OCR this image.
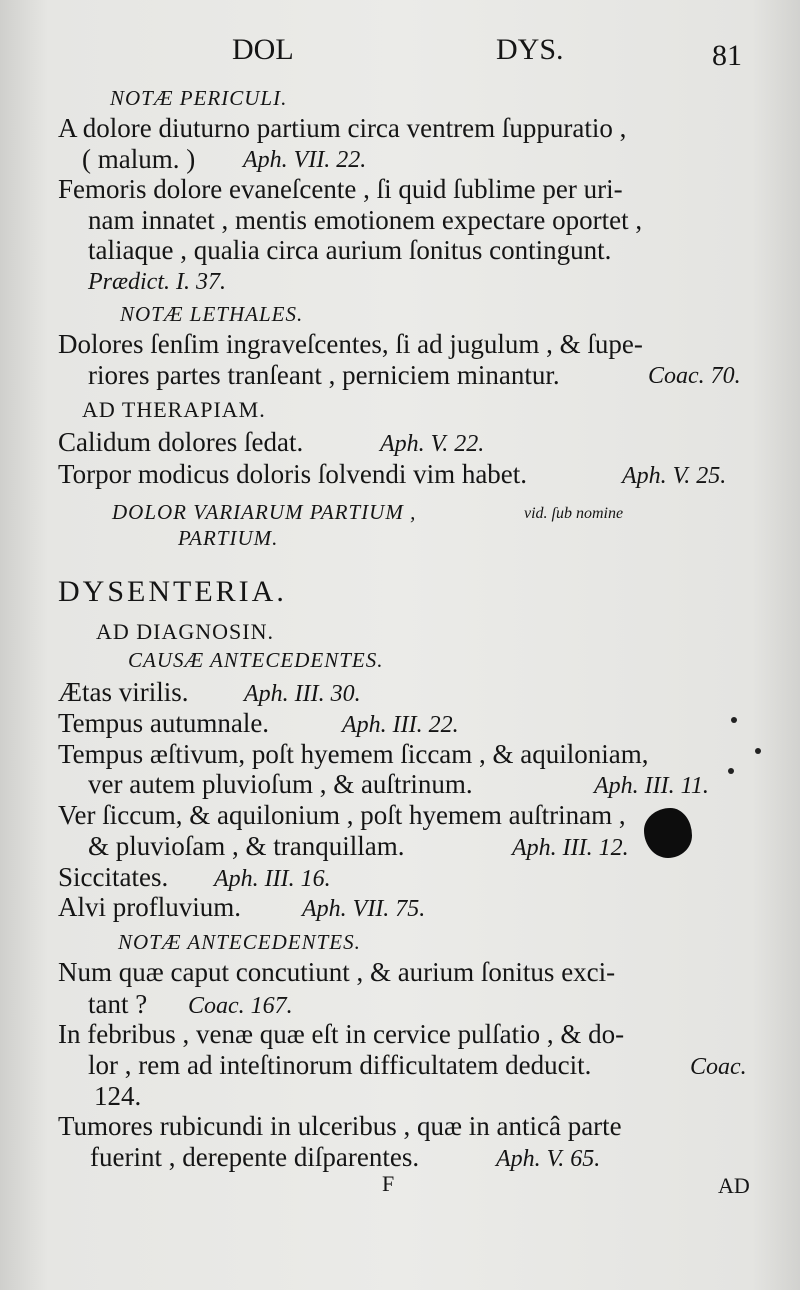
DOL	DYS.	81
NOTÆ PERICULI.
A dolore diuturno partium circa ventrem ſuppuratio ,
( malum. ) Aph. VII. 22.
Femoris dolore evaneſcente , ſi quid ſublime per uri-
nam innatet , mentis emotionem expectare oportet ,
taliaque , qualia circa aurium ſonitus contingunt.
Prædict. I. 37.
NOTÆ LETHALES.
Dolores ſenſim ingraveſcentes, ſi ad jugulum , & ſupe-
riores partes tranſeant , perniciem minantur.	Coac. 70.
AD THERAPIAM.
Calidum dolores ſedat.	Aph. V. 22.
Torpor modicus doloris ſolvendi vim habet.	Aph. V. 25.
DOLOR VARIARUM PARTIUM ,	vid. ſub nomine
PARTIUM.
DYSENTERIA.
AD DIAGNOSIN.
CAUSÆ ANTECEDENTES.
Ætas virilis. Aph. III. 30.
Tempus autumnale.	Aph. III. 22.
Tempus æſtivum, poſt hyemem ſiccam , & aquiloniam,
ver autem pluvioſum , & auſtrinum.	Aph. III. 11.
Ver ſiccum, & aquilonium , poſt hyemem auſtrinam ,
& pluvioſam , & tranquillam.	Aph. III. 12.
Siccitates. Aph. III. 16.
Alvi profluvium.	Aph. VII. 75.
NOTÆ ANTECEDENTES.
Num quæ caput concutiunt , & aurium ſonitus exci-
tant ? Coac. 167.
In febribus , venæ quæ eſt in cervice pulſatio , & do-
lor , rem ad inteſtinorum difficultatem deducit.	Coac.
124.
Tumores rubicundi in ulceribus , quæ in anticâ parte
fuerint , derepente diſparentes.	Aph. V. 65.
F	AD
